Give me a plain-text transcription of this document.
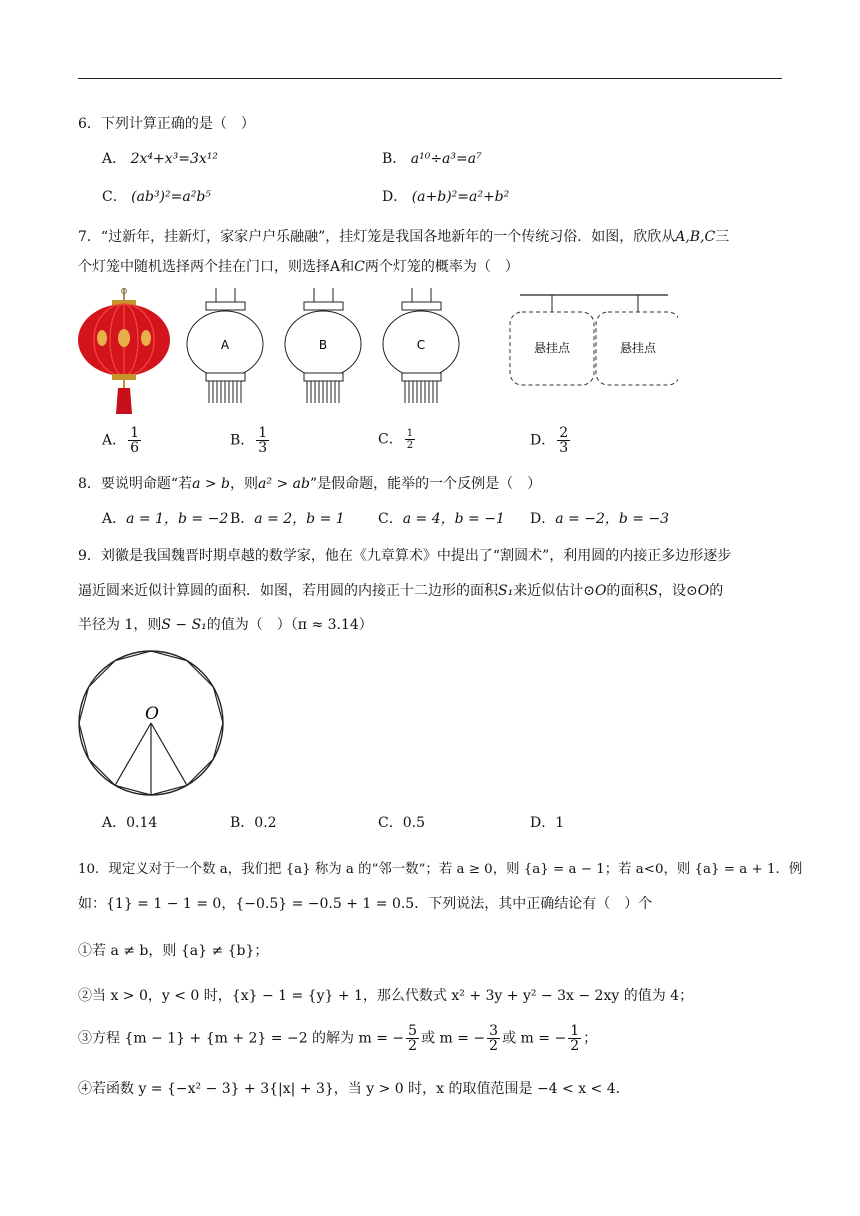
6．下列计算正确的是（　）
A． 2x⁴+x³=3x¹²	B． a¹⁰÷a³=a⁷
C． (ab³)²=a²b⁵	D． (a+b)²=a²+b²
7．“过新年，挂新灯，家家户户乐融融”，挂灯笼是我国各地新年的一个传统习俗．如图，欣欣从A,B,C三
个灯笼中随机选择两个挂在门口，则选择A和C两个灯笼的概率为（　）
A	B	C	悬挂点	悬挂点
A． $\frac{1}{6}$	B． $\frac{1}{3}$	C． $\frac{1}{2}$	D． $\frac{2}{3}$
8．要说明命题“若a > b，则a² > ab”是假命题，能举的一个反例是（　）
A．a = 1，b = −2 B．a = 2，b = 1 C．a = 4，b = −1 D．a = −2，b = −3
9．刘徽是我国魏晋时期卓越的数学家，他在《九章算术》中提出了“割圆术”，利用圆的内接正多边形逐步
逼近圆来近似计算圆的面积．如图，若用圆的内接正十二边形的面积S₁来近似估计⊙O的面积S，设⊙O的
半径为 1，则S − S₁的值为（　）（π ≈ 3.14）
O
A．0.14	B．0.2	C．0.5	D．1
10．现定义对于一个数 a，我们把 {a} 称为 a 的“邻一数”；若 a ≥ 0，则 {a} = a − 1；若 a<0，则 {a} = a + 1．例
如：{1} = 1 − 1 = 0，{−0.5} = −0.5 + 1 = 0.5．下列说法，其中正确结论有（　）个
①若 a ≠ b，则 {a} ≠ {b}；
②当 x > 0，y < 0 时，{x} − 1 = {y} + 1，那么代数式 x² + 3y + y² − 3x − 2xy 的值为 4；
③方程 {m − 1} + {m + 2} = −2 的解为 m = − $\frac{5}{2}$ 或 m = − $\frac{3}{2}$ 或 m = − $\frac{1}{2}$ ；
④若函数 y = {−x² − 3} + 3{|x| + 3}，当 y > 0 时，x 的取值范围是 −4 < x < 4．
